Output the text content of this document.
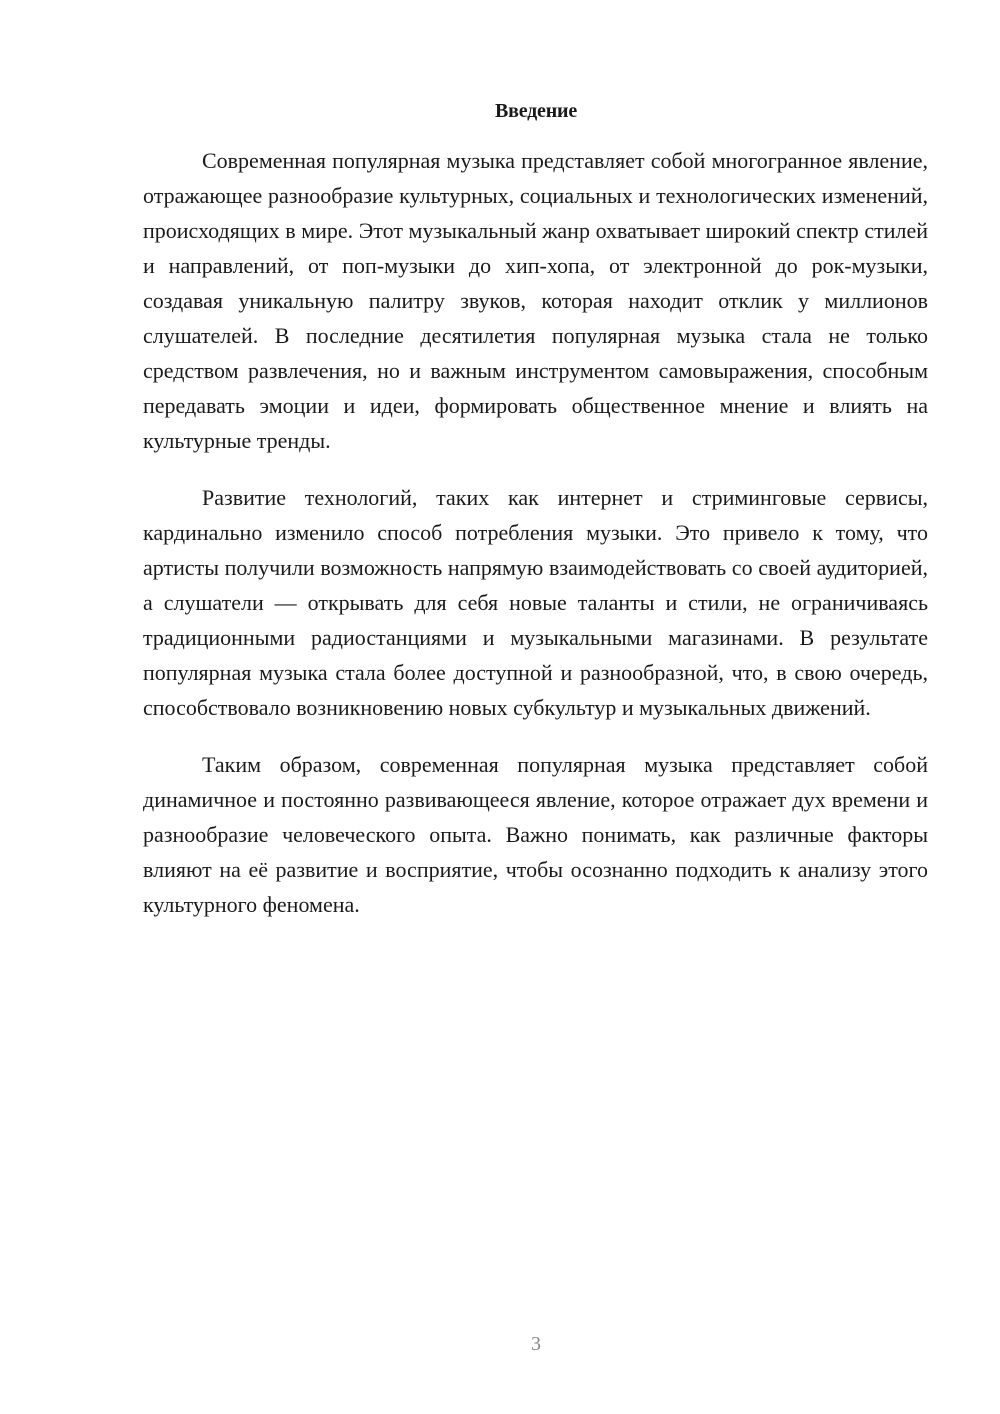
Введение

Современная популярная музыка представляет собой многогранное явление, отражающее разнообразие культурных, социальных и технологических изменений, происходящих в мире. Этот музыкальный жанр охватывает широкий спектр стилей и направлений, от поп-музыки до хип-хопа, от электронной до рок-музыки, создавая уникальную палитру звуков, которая находит отклик у миллионов слушателей. В последние десятилетия популярная музыка стала не только средством развлечения, но и важным инструментом самовыражения, способным передавать эмоции и идеи, формировать общественное мнение и влиять на культурные тренды.

Развитие технологий, таких как интернет и стриминговые сервисы, кардинально изменило способ потребления музыки. Это привело к тому, что артисты получили возможность напрямую взаимодействовать со своей аудиторией, а слушатели — открывать для себя новые таланты и стили, не ограничиваясь традиционными радиостанциями и музыкальными магазинами. В результате популярная музыка стала более доступной и разнообразной, что, в свою очередь, способствовало возникновению новых субкультур и музыкальных движений.

Таким образом, современная популярная музыка представляет собой динамичное и постоянно развивающееся явление, которое отражает дух времени и разнообразие человеческого опыта. Важно понимать, как различные факторы влияют на её развитие и восприятие, чтобы осознанно подходить к анализу этого культурного феномена.

3
